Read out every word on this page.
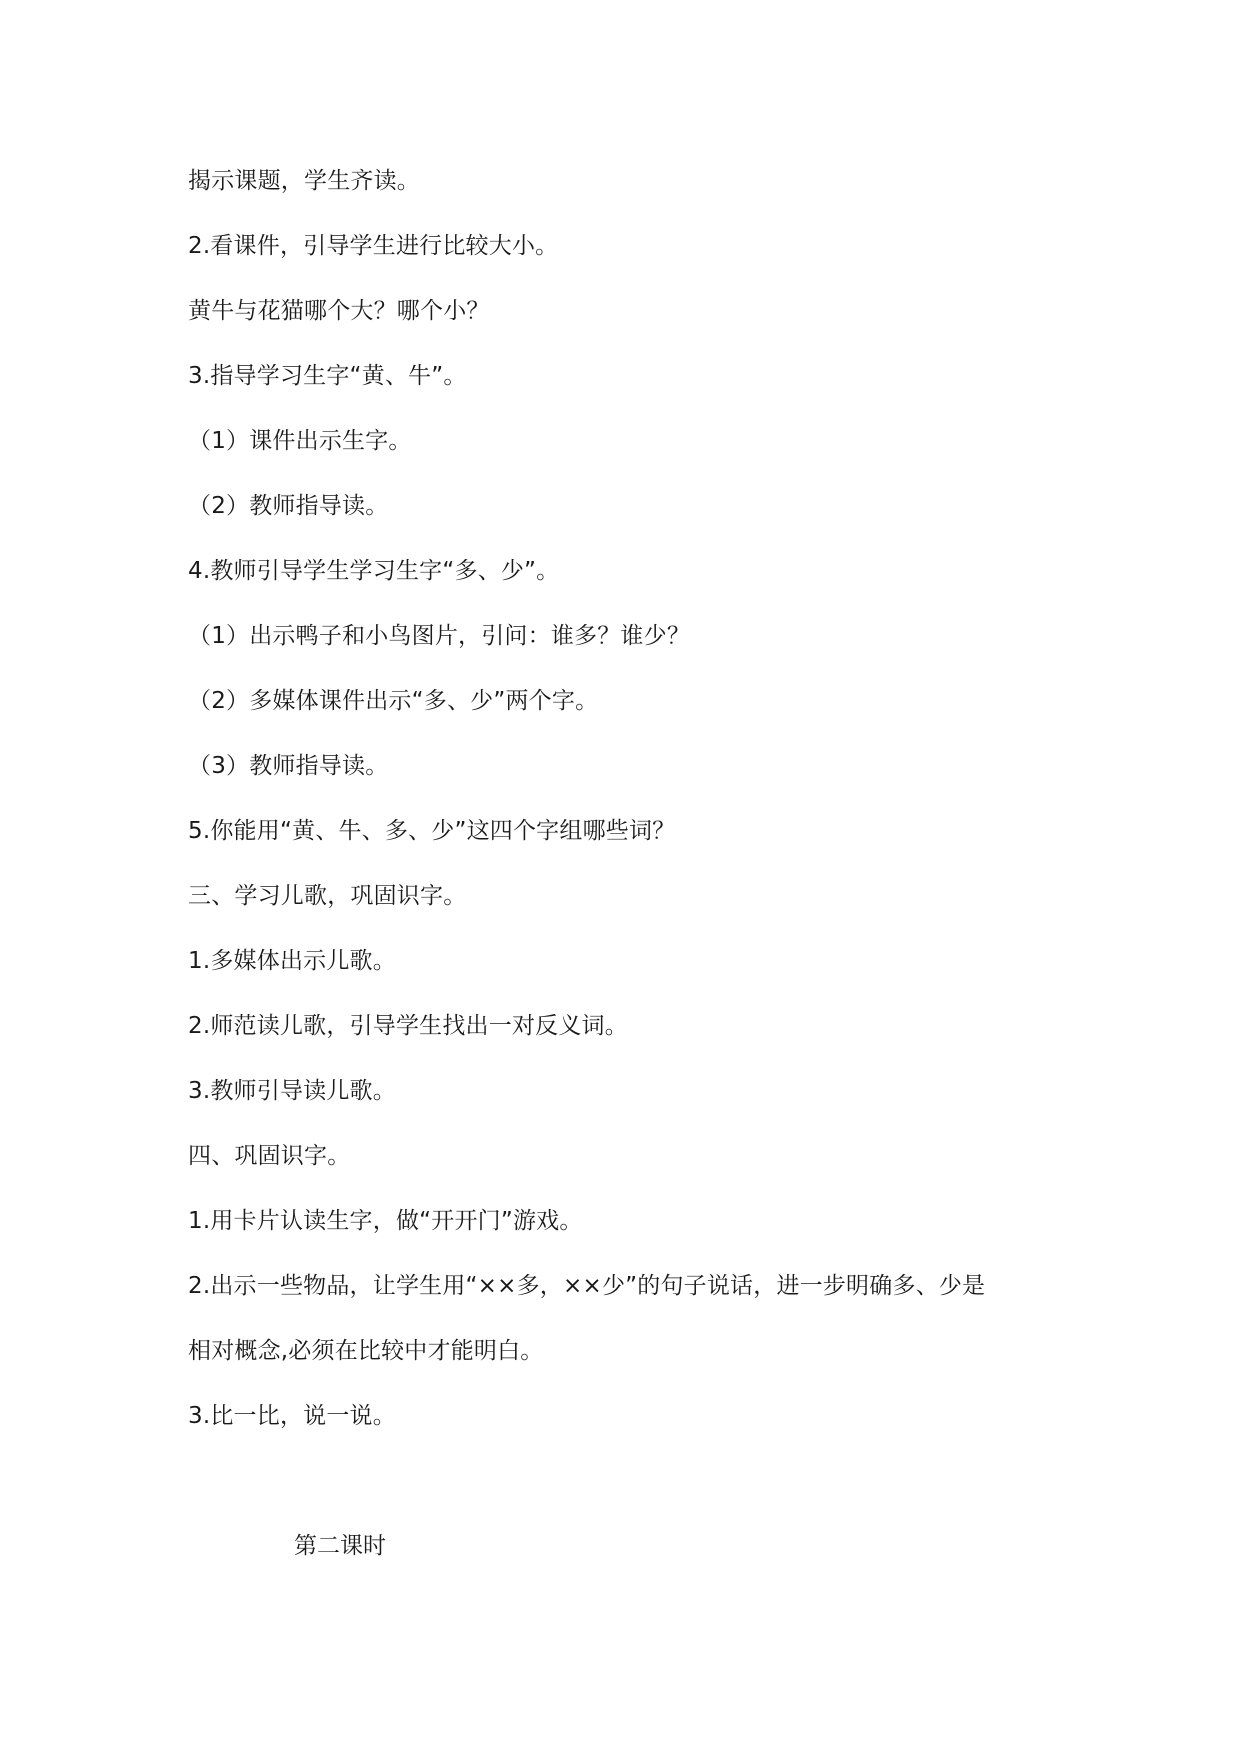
揭示课题，学生齐读。
2.看课件，引导学生进行比较大小。
黄牛与花猫哪个大？哪个小？
3.指导学习生字“黄、牛”。
（1）课件出示生字。
（2）教师指导读。
4.教师引导学生学习生字“多、少”。
（1）出示鸭子和小鸟图片，引问：谁多？谁少？
（2）多媒体课件出示“多、少”两个字。
（3）教师指导读。
5.你能用“黄、牛、多、少”这四个字组哪些词？
三、学习儿歌，巩固识字。
1.多媒体出示儿歌。
2.师范读儿歌，引导学生找出一对反义词。
3.教师引导读儿歌。
四、巩固识字。
1.用卡片认读生字，做“开开门”游戏。
2.出示一些物品，让学生用“××多，××少”的句子说话，进一步明确多、少是
相对概念,必须在比较中才能明白。
3.比一比，说一说。
第二课时
